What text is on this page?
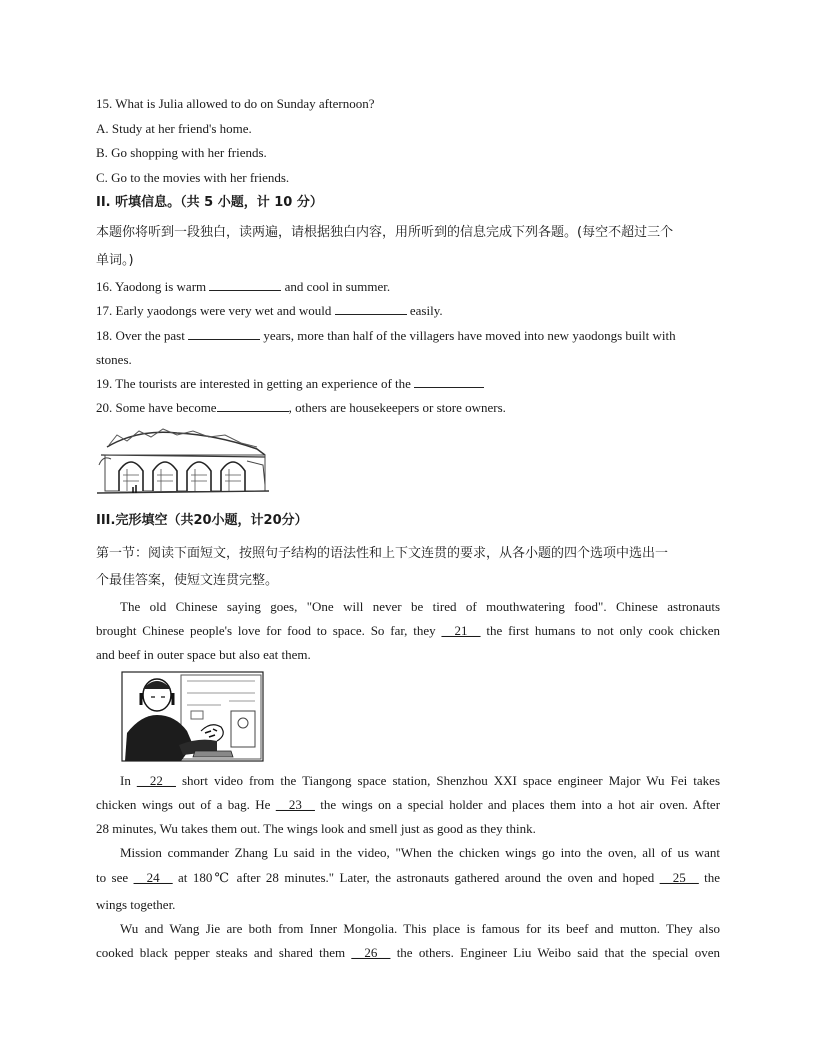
15. What is Julia allowed to do on Sunday afternoon?
A. Study at her friend's home.
B. Go shopping with her friends.
C. Go to the movies with her friends.
II. 听填信息。（共 5 小题，计 10 分）
本题你将听到一段独白，读两遍，请根据独白内容，用所听到的信息完成下列各题。(每空不超过三个
单词。)
16. Yaodong is warm	and cool in summer.
17. Early yaodongs were very wet and would	easily.
18. Over the past	years, more than half of the villagers have moved into new yaodongs built with
stones.
19. The tourists are interested in getting an experience of the
20. Some have become	, others are housekeepers or store owners.
III.完形填空（共20小题，计20分）
第一节：阅读下面短文，按照句子结构的语法性和上下文连贯的要求，从各小题的四个选项中选出一
个最佳答案，使短文连贯完整。
The old Chinese saying goes, "One will never be tired of mouthwatering food". Chinese astronauts
brought Chinese people's love for food to space. So far, they __21__ the first humans to not only cook chicken
and beef in outer space but also eat them.
In __22__ short video from the Tiangong space station, Shenzhou XXI space engineer Major Wu Fei takes
chicken wings out of a bag. He __23__ the wings on a special holder and places them into a hot air oven. After
28 minutes, Wu takes them out. The wings look and smell just as good as they think.
Mission commander Zhang Lu said in the video, "When the chicken wings go into the oven, all of us want
to see __24__ at 180℃ after 28 minutes." Later, the astronauts gathered around the oven and hoped __25__ the
wings together.
Wu and Wang Jie are both from Inner Mongolia. This place is famous for its beef and mutton. They also
cooked black pepper steaks and shared them __26__ the others. Engineer Liu Weibo said that the special oven
